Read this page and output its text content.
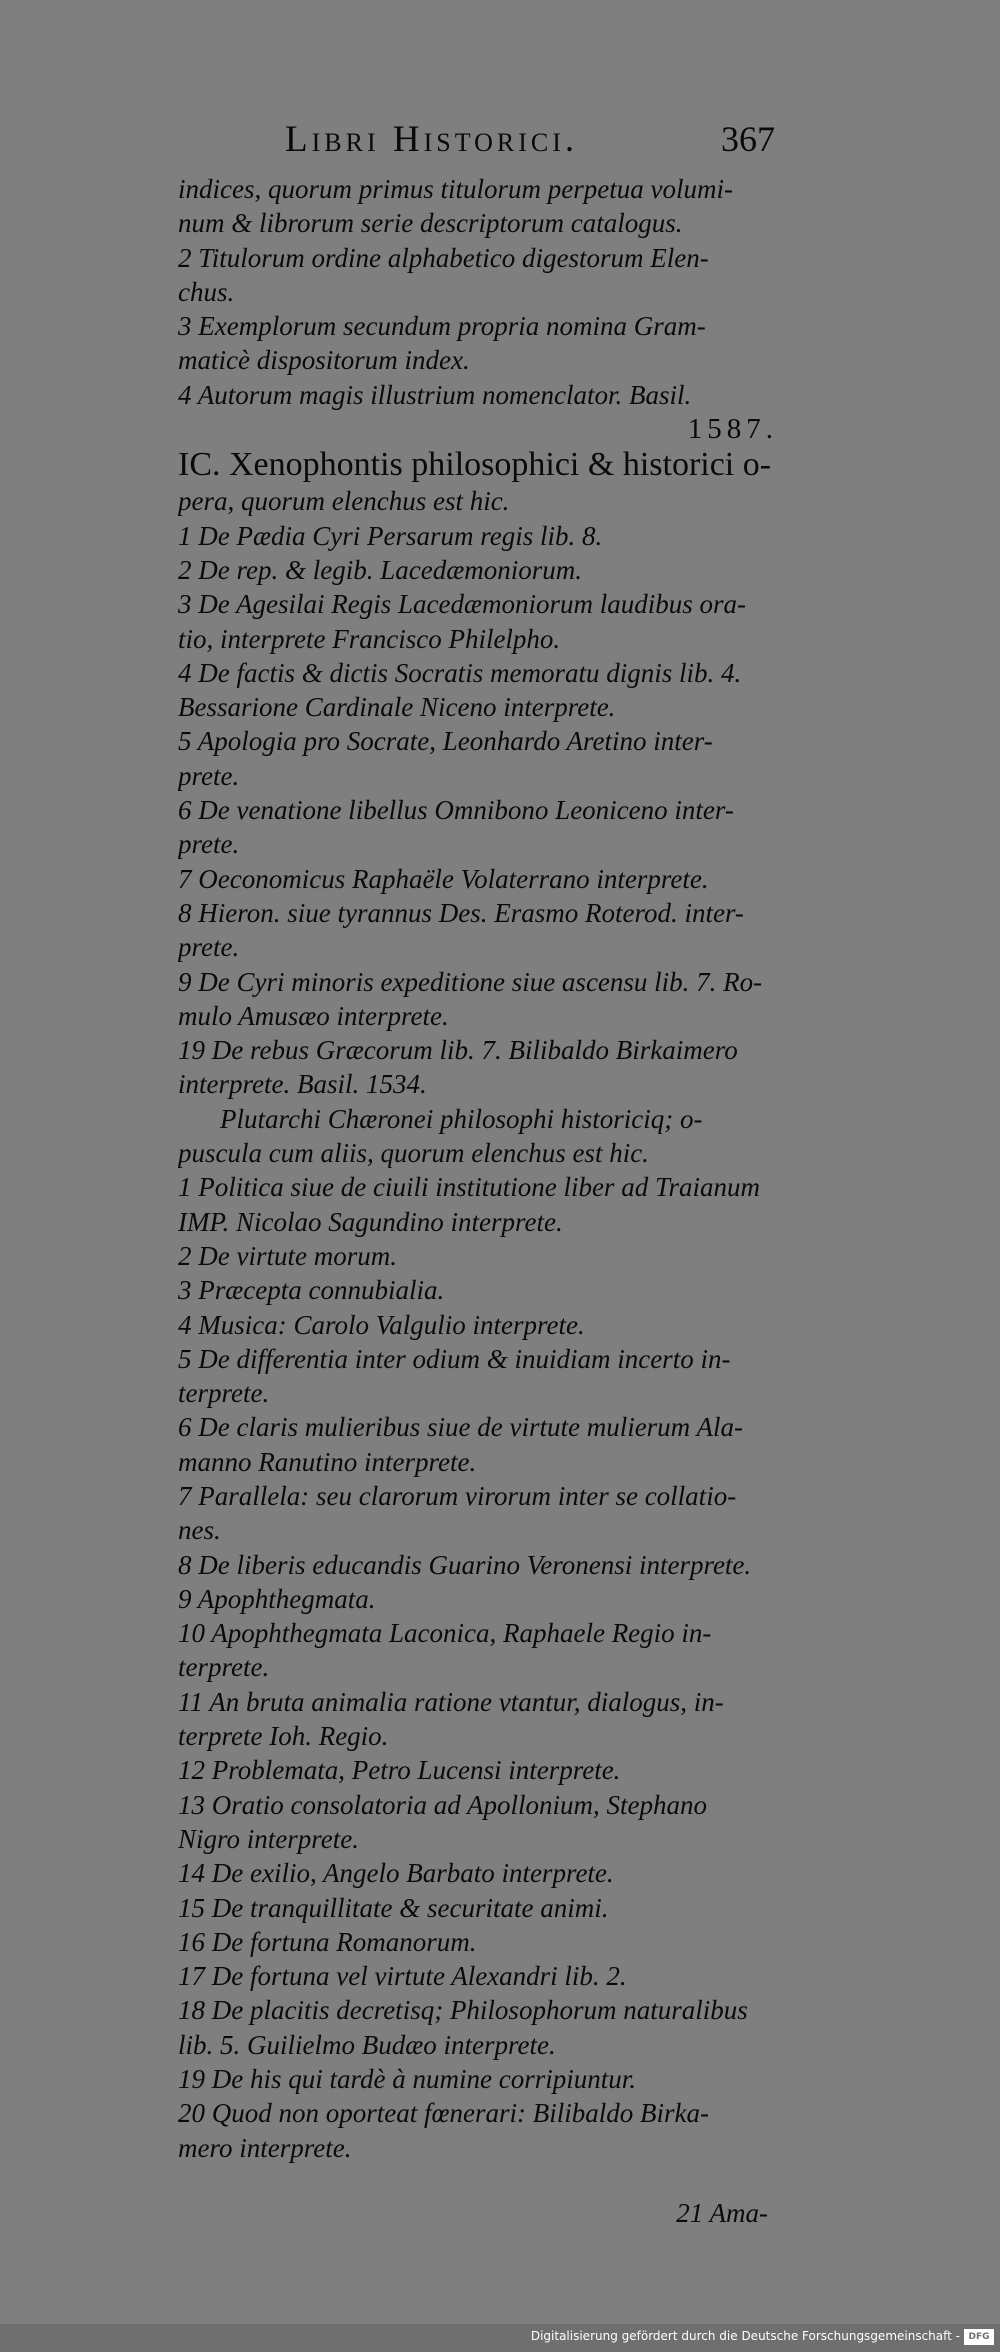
Libri Historici.	367
indices, quorum primus titulorum perpetua volumi-
num & librorum serie descriptorum catalogus.
2 Titulorum ordine alphabetico digestorum Elen-
chus.
3 Exemplorum secundum propria nomina Gram-
maticè dispositorum index.
4 Autorum magis illustrium nomenclator. Basil.
1587.
IC. Xenophontis philosophici & historici o-
pera, quorum elenchus est hic.
1 De Pædia Cyri Persarum regis lib. 8.
2 De rep. & legib. Lacedæmoniorum.
3 De Agesilai Regis Lacedæmoniorum laudibus ora-
tio, interprete Francisco Philelpho.
4 De factis & dictis Socratis memoratu dignis lib. 4.
Bessarione Cardinale Niceno interprete.
5 Apologia pro Socrate, Leonhardo Aretino inter-
prete.
6 De venatione libellus Omnibono Leoniceno inter-
prete.
7 Oeconomicus Raphaële Volaterrano interprete.
8 Hieron. siue tyrannus Des. Erasmo Roterod. inter-
prete.
9 De Cyri minoris expeditione siue ascensu lib. 7. Ro-
mulo Amusæo interprete.
19 De rebus Græcorum lib. 7. Bilibaldo Birkaimero
interprete. Basil. 1534.
Plutarchi Chæronei philosophi historiciq; o-
puscula cum aliis, quorum elenchus est hic.
1 Politica siue de ciuili institutione liber ad Traianum
IMP. Nicolao Sagundino interprete.
2 De virtute morum.
3 Præcepta connubialia.
4 Musica: Carolo Valgulio interprete.
5 De differentia inter odium & inuidiam incerto in-
terprete.
6 De claris mulieribus siue de virtute mulierum Ala-
manno Ranutino interprete.
7 Parallela: seu clarorum virorum inter se collatio-
nes.
8 De liberis educandis Guarino Veronensi interprete.
9 Apophthegmata.
10 Apophthegmata Laconica, Raphaele Regio in-
terprete.
11 An bruta animalia ratione vtantur, dialogus, in-
terprete Ioh. Regio.
12 Problemata, Petro Lucensi interprete.
13 Oratio consolatoria ad Apollonium, Stephano
Nigro interprete.
14 De exilio, Angelo Barbato interprete.
15 De tranquillitate & securitate animi.
16 De fortuna Romanorum.
17 De fortuna vel virtute Alexandri lib. 2.
18 De placitis decretisq; Philosophorum naturalibus
lib. 5. Guilielmo Budæo interprete.
19 De his qui tardè à numine corripiuntur.
20 Quod non oporteat fœnerari: Bilibaldo Birka-
mero interprete.
21 Ama-
Digitalisierung gefördert durch die Deutsche Forschungsgemeinschaft - DFG
